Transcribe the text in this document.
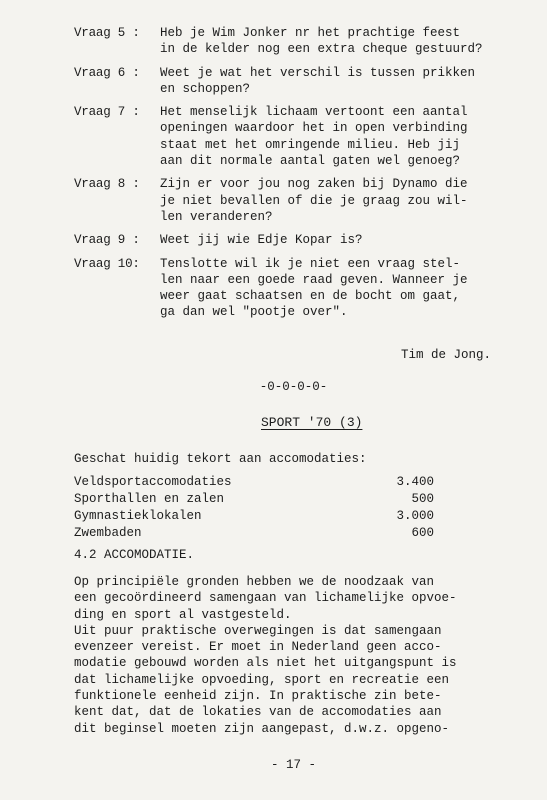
Vraag 5 :	Heb je Wim Jonker nr het prachtige feest
in de kelder nog een extra cheque gestuurd?
Vraag 6 :	Weet je wat het verschil is tussen prikken
en schoppen?
Vraag 7 :	Het menselijk lichaam vertoont een aantal
openingen waardoor het in open verbinding
staat met het omringende milieu. Heb jij
aan dit normale aantal gaten wel genoeg?
Vraag 8 :	Zijn er voor jou nog zaken bij Dynamo die
je niet bevallen of die je graag zou wil-
len veranderen?
Vraag 9 :	Weet jij wie Edje Kopar is?
Vraag 10:	Tenslotte wil ik je niet een vraag stel-
len naar een goede raad geven. Wanneer je
weer gaat schaatsen en de bocht om gaat,
ga dan wel "pootje over".
Tim de Jong.
-0-0-0-0-
SPORT '70 (3)
Geschat huidig tekort aan accomodaties:
Veldsportaccomodaties	3.400
Sporthallen en zalen	500
Gymnastieklokalen	3.000
Zwembaden	600
4.2 ACCOMODATIE.
Op principiële gronden hebben we de noodzaak van
een gecoördineerd samengaan van lichamelijke opvoe-
ding en sport al vastgesteld.
Uit puur praktische overwegingen is dat samengaan
evenzeer vereist. Er moet in Nederland geen acco-
modatie gebouwd worden als niet het uitgangspunt is
dat lichamelijke opvoeding, sport en recreatie een
funktionele eenheid zijn. In praktische zin bete-
kent dat, dat de lokaties van de accomodaties aan
dit beginsel moeten zijn aangepast, d.w.z. opgeno-
- 17 -
